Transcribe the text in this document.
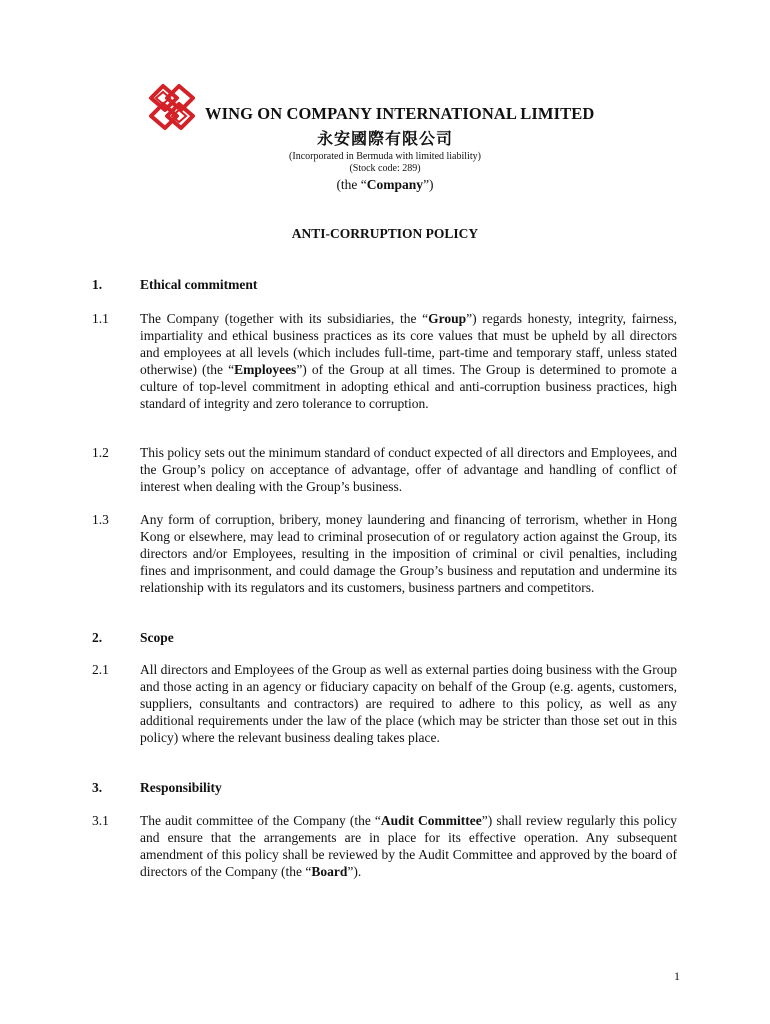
WING ON COMPANY INTERNATIONAL LIMITED
永安國際有限公司
(Incorporated in Bermuda with limited liability)
(Stock code: 289)
(the “Company”)
ANTI-CORRUPTION POLICY
1.	Ethical commitment
1.1 The Company (together with its subsidiaries, the “Group”) regards honesty, integrity, fairness, impartiality and ethical business practices as its core values that must be upheld by all directors and employees at all levels (which includes full-time, part-time and temporary staff, unless stated otherwise) (the “Employees”) of the Group at all times. The Group is determined to promote a culture of top-level commitment in adopting ethical and anti-corruption business practices, high standard of integrity and zero tolerance to corruption.
1.2 This policy sets out the minimum standard of conduct expected of all directors and Employees, and the Group’s policy on acceptance of advantage, offer of advantage and handling of conflict of interest when dealing with the Group’s business.
1.3 Any form of corruption, bribery, money laundering and financing of terrorism, whether in Hong Kong or elsewhere, may lead to criminal prosecution of or regulatory action against the Group, its directors and/or Employees, resulting in the imposition of criminal or civil penalties, including fines and imprisonment, and could damage the Group’s business and reputation and undermine its relationship with its regulators and its customers, business partners and competitors.
2.	Scope
2.1 All directors and Employees of the Group as well as external parties doing business with the Group and those acting in an agency or fiduciary capacity on behalf of the Group (e.g. agents, customers, suppliers, consultants and contractors) are required to adhere to this policy, as well as any additional requirements under the law of the place (which may be stricter than those set out in this policy) where the relevant business dealing takes place.
3.	Responsibility
3.1 The audit committee of the Company (the “Audit Committee”) shall review regularly this policy and ensure that the arrangements are in place for its effective operation. Any subsequent amendment of this policy shall be reviewed by the Audit Committee and approved by the board of directors of the Company (the “Board”).
1
